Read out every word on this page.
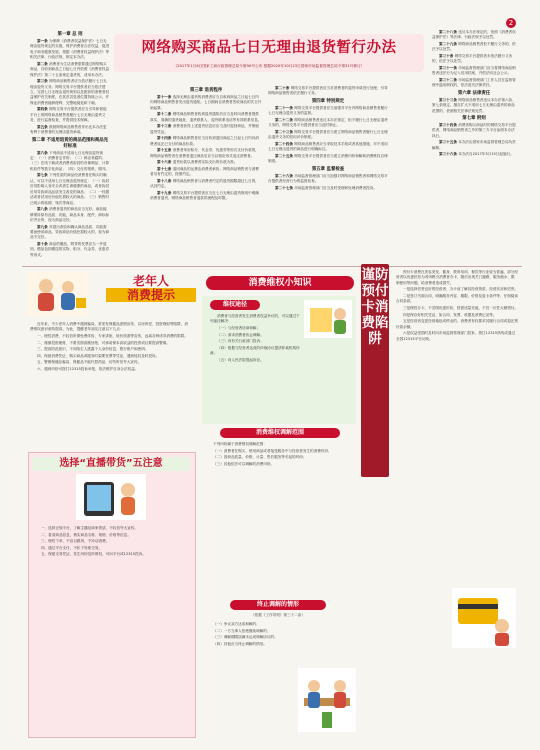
2
网络购买商品七日无理由退货暂行办法
（2017年1月6日国家工商行政管理总局令第90号公布 根据2020年10月23日国家市场监督管理总局令第31号修订）
第一章 总 则

第一条 为保障《消费者权益保护法》七日无理由退货规定的实施，保护消费者合法权益，促进电子商务健康发展，根据《消费者权益保护法》等相关法律、行政法规，制定本办法。

第二条 消费者为生活消费需要通过网络购买商品，自收到商品之日起七日内依照《消费者权益保护法》第二十五条规定退货的，适用本办法。

第三条 网络商品销售者应当依法履行七日无理由退货义务。网络交易平台提供者应当依法建立、完善七日无理由退货规则以及配套的消费者权益保护有关制度，在其首页显著位置持续公示，并保证消费者能够便利、完整地阅览和下载。

第四条 网络交易平台提供者应当引导和督促平台上的网络商品销售者履行七日无理由退货义务，进行监督检查，并提供技术保障。

第五条 鼓励网络商品销售者作出比本办法更有利于消费者的无理由退货承诺。

第二章 不适用退货的商品范围和商品完好标准

第六条 下列商品不适用七日无理由退货规定：（一）消费者定作的；（二）鲜活易腐的；（三）在线下载或者消费者拆封的音像制品、计算机软件等数字化商品；（四）交付的报纸、期刊。

第七条 下列性质的商品经消费者在购买时确认，可以不适用七日无理由退货规定：（一）拆封后易影响人身安全或者生命健康的商品，或者拆封后易导致商品品质发生改变的商品；（二）一经激活或者试用后价值贬损较大的商品；（三）销售时已明示的临期、残次等商品。

第八条 消费者退货的商品应当完好。商品能够保持原有品质、功能，商品本身、配件、商标标识齐全的，视为商品完好。

第九条 对超出查验和确认商品品质、功能需要而使用商品，导致商品价值贬损较大的，视为商品不完好。

第十条 商品的赠品、附带的发票应当一并退回。赠品包括赠送的实物、积分、代金券、优惠券等形式。

第三章 退货程序

第十一条 选择无理由退货的消费者应当自收到商品之日起七日内向网络商品销售者发出退货通知。七日期间自消费者签收商品的次日开始起算。

第十二条 网络商品销售者收到退货通知后应当及时向消费者提供真实、准确的退货地址、退货联系人、退货联系电话等有效联系信息。

第十三条 消费者获得上述退货信息后应当及时退回商品，并保留退货凭证。

第十四条 网络商品销售者应当自收到退回商品之日起七日内向消费者返还已支付的商品价款。

第十五条 消费者采用积分、代金券、优惠券等形式支付价款的，网络商品销售者在消费者退还商品后应当以相应形式返还消费者。

第十六条 退货价款以消费者实际支出的价款为准。

第十七条 退回商品的运费由消费者承担；网络商品销售者与消费者另有约定的，按照约定。

第十八条 网络商品销售者与消费者约定的退货期限超过七日的，从其约定。

第十九条 网络交易平台提供者应当在七日无理由退货规则中明确消费者退货、网络商品销售者退款的流程及时限。

第二十条 网络交易平台提供者应当对消费者的退货申请进行处理，引导网络商品销售者依法履行义务。

第四章 特别规定

第二十一条 网络交易平台提供者应当加强对平台内网络商品销售者履行七日无理由退货义务的监督。

第二十二条 网络商品销售者违反本办法规定，拒不履行七日无理由退货义务的，网络交易平台提供者应当及时制止。

第二十三条 网络交易平台提供者应当建立网络商品销售者履行七日无理由退货义务的信用评价制度。

第二十四条 网络商品销售者应当采取技术手段或者其他措施，对不适用七日无理由退货的商品进行明确标注。

第二十五条 网络交易平台提供者应当建立消费纠纷和解和消费维权自律制度。

第五章 监督检查

第二十六条 市场监督管理部门应当加强对网络商品销售者和网络交易平台提供者经营行为的监督检查。

第二十七条 市场监督管理部门应当及时受理和处理消费者投诉。

第二十八条 违反本办法规定的，依照《消费者权益保护法》等法律、行政法规予以处罚。

第二十九条 网络商品销售者拒不履行义务的，依法予以处罚。

第三十条 网络交易平台提供者未依法履行义务的，依法予以处罚。

第三十一条 市场监督管理部门应当将网络商品销售者违法行为记入信用档案，并依法向社会公示。

第三十二条 市场监督管理部门工作人员在监督管理中滥用职权的，依法追究法律责任。

第六章 法律责任

第三十三条 网络商品销售者违反本办法第六条、第七条规定，擅自扩大不适用七日无理由退货的商品范围的，依照相关法律法规处罚。

第七章 附则

第三十四条 消费者购买商品时的网络交易平台提供者、网络商品销售者之外的第三方平台参照本办法执行。

第三十五条 本办法由国家市场监督管理总局负责解释。

第三十六条 本办法自2017年3月15日起施行。

老年人
消费提示

近年来，不少老年人消费中遇到骗局，常见有保健品虚假宣传、以房养老、投资理财等陷阱，消费维权意识亟待提高。为此，提醒老年朋友注意以下几点：

一、理性消费，不轻信所谓免费体验、专家讲座、低价旅游等宣传，远离各种诱导消费的陷阱。

二、谨慎投资理财，不要贪图高额回报，对承诺保本高收益的投资项目要提高警惕。

三、提高防范意识，不向陌生人透露个人身份信息、银行账户和密码。

四、保留消费凭证，购买商品或服务时索要发票等凭证，遇到侵权及时投诉。

五、警惕保健品骗局，保健品不能代替药品，切勿听信夸大宣传。

六、遇到纠纷可拨打12315投诉举报，依法维护自身合法权益。

选择“直播带货”五注意

一、选择正规平台，了解主播及商家资质，不轻信夸大宣传。

二、看清商品信息，核实商品名称、规格、价格等信息。

三、理性下单，不盲目跟风，不冲动消费。

四、通过平台支付，不私下转账交易。

五、保留交易凭证，发生纠纷及时维权，可向平台或12315投诉。

消费维权小知识
维权途径

消费者与经营者发生消费者权益争议的，可以通过下列途径解决：

（一）与经营者协商和解；

（二）请求消费者协会调解；

（三）向有关行政部门投诉；

（四）根据与经营者达成的仲裁协议提请仲裁机构仲裁；

（五）向人民法院提起诉讼。

消费维权调解范围

下列纠纷属于消费维权调解范围：

（一）消费者在购买、使用商品或者接受服务中与经营者发生的消费纠纷；

（二）因商品质量、价格、计量、售后服务等引起的纠纷；

（三）其他依法可以调解的消费纠纷。

终止调解的情形
（依据《工作导则》第三十二条）

（一）争议双方达成和解的；

（二）一方当事人拒绝继续调解的；

（三）调解期限届满未达成调解协议的；

（四）其他应当终止调解的情形。

谨防预付卡消费陷阱

预付卡消费在美容美发、健身、教育培训、餐饮等行业较为普遍，部分经营者以优惠折扣为诱饵吸引消费者办卡，随后出现关门跑路、服务缩水、限制使用等问题，给消费者造成损失。

一是选择信誉良好的经营者，办卡前了解其经营资质、经营状况和信誉。

二是签订书面合同，明确服务内容、期限、价格及退卡条件等，仔细阅读合同条款。

三是理性办卡，不贪图优惠折扣，按需适量充值，不宜一次性大额预付。

四是保存好相关凭证，如合同、发票、收据及消费记录等。

五是经营者变更经营地址或停业的，消费者有权要求其履行合同或退还预付款余额。

六是权益受损时及时向市场监督管理部门投诉，拨打12315热线或通过全国12315平台反映。
